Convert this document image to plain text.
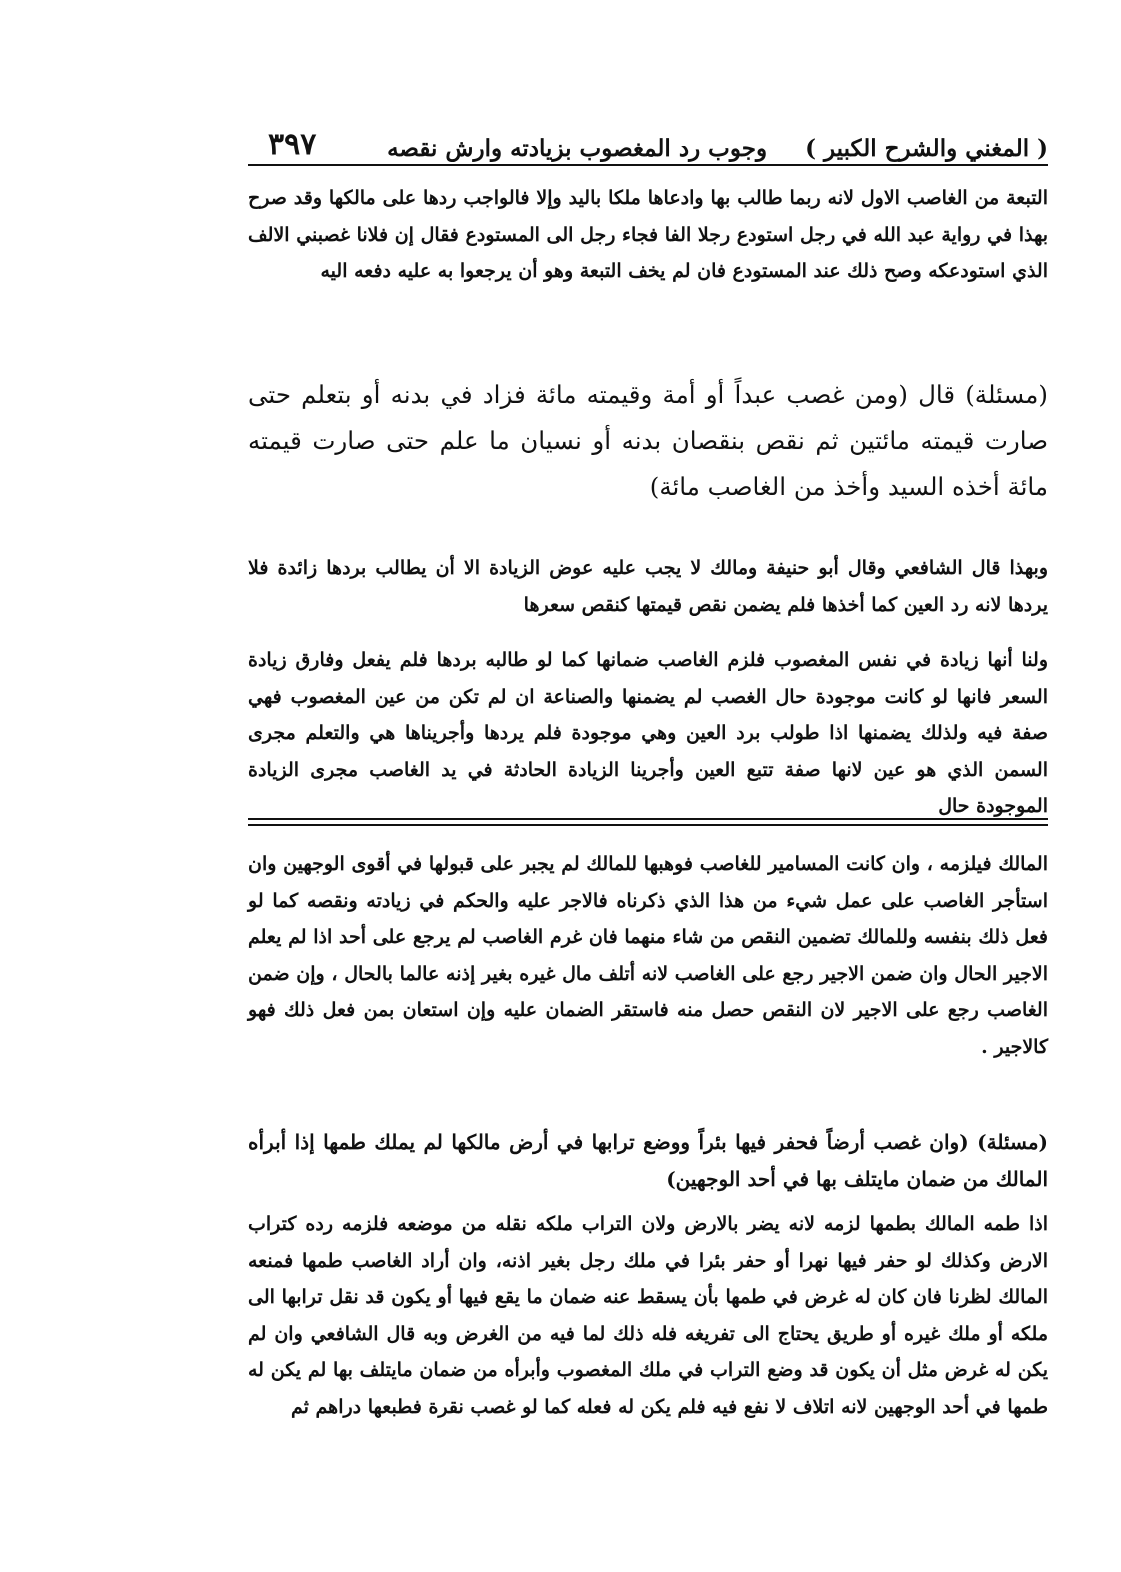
( المغني والشرح الكبير ) وجوب رد المغصوب بزيادته وارش نقصه
٣٩٧

التبعة من الغاصب الاول لانه ربما طالب بها وادعاها ملكا باليد وإلا فالواجب ردها على مالكها وقد صرح بهذا في رواية عبد الله في رجل استودع رجلا الفا فجاء رجل الى المستودع فقال إن فلانا غصبني الالف الذي استودعكه وصح ذلك عند المستودع فان لم يخف التبعة وهو أن يرجعوا به عليه دفعه اليه

(مسئلة) قال (ومن غصب عبداً أو أمة وقيمته مائة فزاد في بدنه أو بتعلم حتى صارت قيمته مائتين ثم نقص بنقصان بدنه أو نسيان ما علم حتى صارت قيمته مائة أخذه السيد وأخذ من الغاصب مائة)

وبهذا قال الشافعي وقال أبو حنيفة ومالك لا يجب عليه عوض الزيادة الا أن يطالب بردها زائدة فلا يردها لانه رد العين كما أخذها فلم يضمن نقص قيمتها كنقص سعرها

ولنا أنها زيادة في نفس المغصوب فلزم الغاصب ضمانها كما لو طالبه بردها فلم يفعل وفارق زيادة السعر فانها لو كانت موجودة حال الغصب لم يضمنها والصناعة ان لم تكن من عين المغصوب فهي صفة فيه ولذلك يضمنها اذا طولب برد العين وهي موجودة فلم يردها وأجريناها هي والتعلم مجرى السمن الذي هو عين لانها صفة تتبع العين وأجرينا الزيادة الحادثة في يد الغاصب مجرى الزيادة الموجودة حال

المالك فيلزمه ، وان كانت المسامير للغاصب فوهبها للمالك لم يجبر على قبولها في أقوى الوجهين وان استأجر الغاصب على عمل شيء من هذا الذي ذكرناه فالاجر عليه والحكم في زيادته ونقصه كما لو فعل ذلك بنفسه وللمالك تضمين النقص من شاء منهما فان غرم الغاصب لم يرجع على أحد اذا لم يعلم الاجير الحال وان ضمن الاجير رجع على الغاصب لانه أتلف مال غيره بغير إذنه عالما بالحال ، وإن ضمن الغاصب رجع على الاجير لان النقص حصل منه فاستقر الضمان عليه وإن استعان بمن فعل ذلك فهو كالاجير .

(مسئلة) (وان غصب أرضاً فحفر فيها بئراً ووضع ترابها في أرض مالكها لم يملك طمها إذا أبرأه المالك من ضمان مايتلف بها في أحد الوجهين)

اذا طمه المالك بطمها لزمه لانه يضر بالارض ولان التراب ملكه نقله من موضعه فلزمه رده كتراب الارض وكذلك لو حفر فيها نهرا أو حفر بئرا في ملك رجل بغير اذنه، وان أراد الغاصب طمها فمنعه المالك لظرنا فان كان له غرض في طمها بأن يسقط عنه ضمان ما يقع فيها أو يكون قد نقل ترابها الى ملكه أو ملك غيره أو طريق يحتاج الى تفريغه فله ذلك لما فيه من الغرض وبه قال الشافعي وان لم يكن له غرض مثل أن يكون قد وضع التراب في ملك المغصوب وأبرأه من ضمان مايتلف بها لم يكن له طمها في أحد الوجهين لانه اتلاف لا نفع فيه فلم يكن له فعله كما لو غصب نقرة فطبعها دراهم ثم
